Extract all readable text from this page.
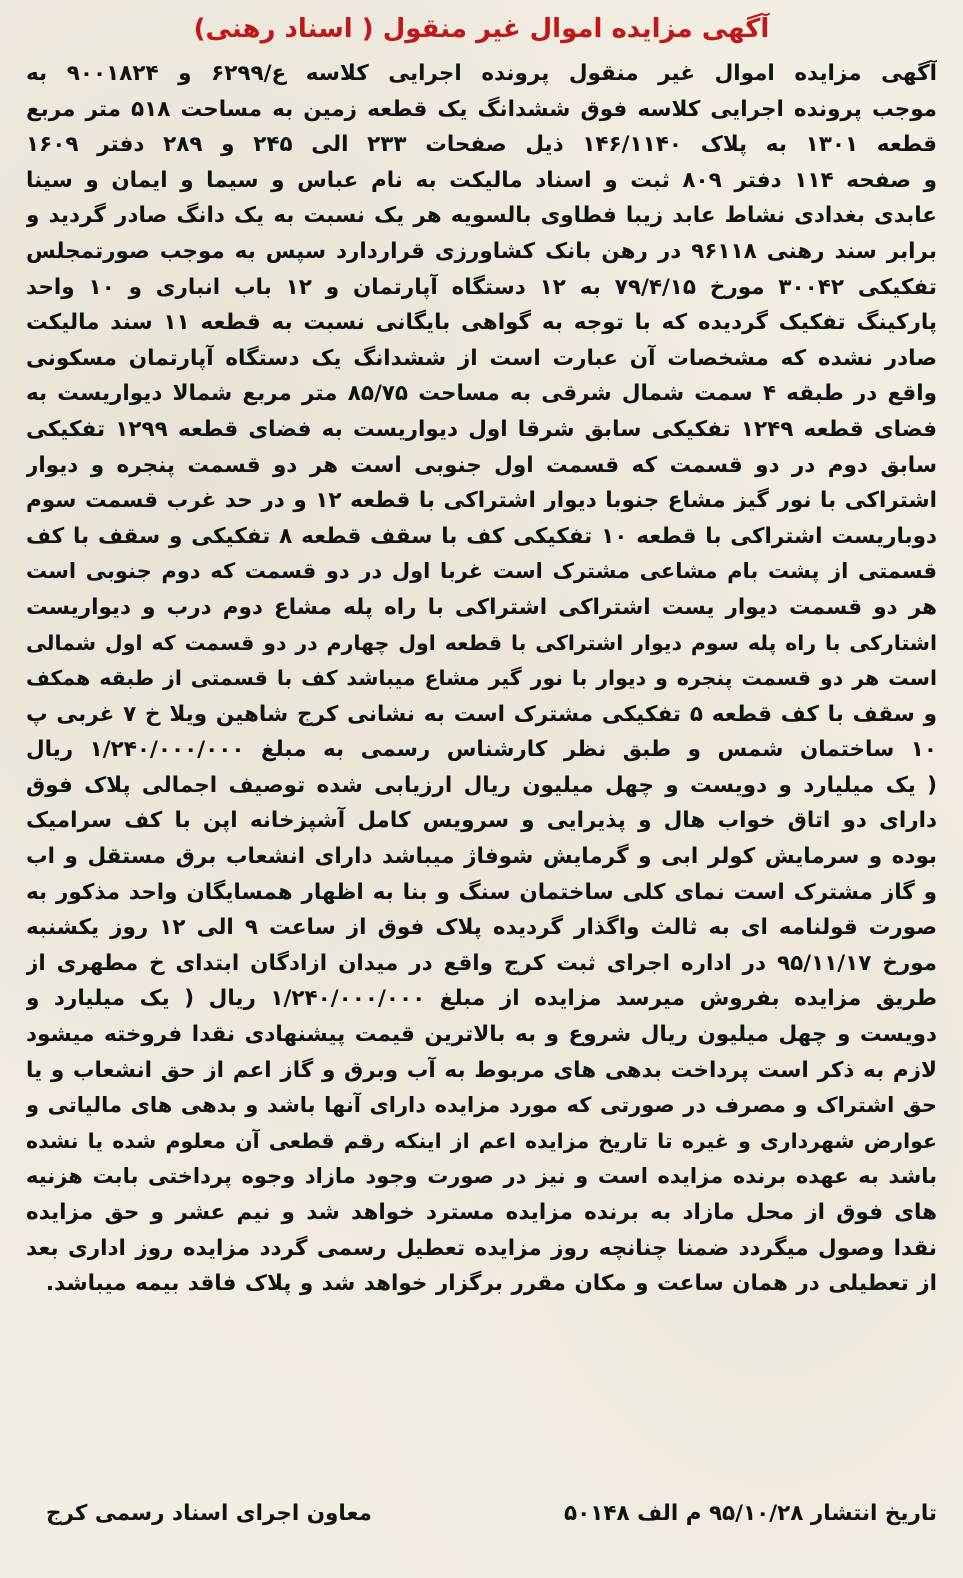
آگهی مزایده اموال غیر منقول ( اسناد رهنی)
آگهی مزایده اموال غیر منقول پرونده اجرایی کلاسه ع/۶۲۹۹ و ۹۰۰۱۸۲۴ به
موجب پرونده اجرایی کلاسه فوق ششدانگ یک قطعه زمین به مساحت ۵۱۸ متر مربع
قطعه ۱۳۰۱ به پلاک ۱۴۶/۱۱۴۰ ذیل صفحات ۲۳۳ الی ۲۴۵ و ۲۸۹ دفتر ۱۶۰۹
و صفحه ۱۱۴ دفتر ۸۰۹ ثبت و اسناد مالیکت به نام عباس و سیما و ایمان و سینا
عابدی بغدادی نشاط عابد زیبا فطاوی بالسویه هر یک نسبت به یک دانگ صادر گردید و
برابر سند رهنی ۹۶۱۱۸ در رهن بانک کشاورزی قراردارد سپس به موجب صورتمجلس
تفکیکی ۳۰۰۴۲ مورخ ۷۹/۴/۱۵ به ۱۲ دستگاه آپارتمان و ۱۲ باب انباری و ۱۰ واحد
پارکینگ تفکیک گردیده که با توجه به گواهی بایگانی نسبت به قطعه ۱۱ سند مالیکت
صادر نشده که مشخصات آن عبارت است از ششدانگ یک دستگاه آپارتمان مسکونی
واقع در طبقه ۴ سمت شمال شرقی به مساحت ۸۵/۷۵ متر مربع شمالا دیواریست به
فضای قطعه ۱۲۴۹ تفکیکی سابق شرقا اول دیواریست به فضای قطعه ۱۲۹۹ تفکیکی
سابق دوم در دو قسمت که قسمت اول جنوبی است هر دو قسمت پنجره و دیوار
اشتراکی با نور گیز مشاع جنوبا دیوار اشتراکی با قطعه ۱۲ و در حد غرب قسمت سوم
دوباریست اشتراکی با قطعه ۱۰ تفکیکی کف با سقف قطعه ۸ تفکیکی و سقف با کف
قسمتی از پشت بام مشاعی مشترک است غربا اول در دو قسمت که دوم جنوبی است
هر دو قسمت دیوار یست اشتراکی اشتراکی با راه پله مشاع دوم درب و دیواریست
اشتارکی با راه پله سوم دیوار اشتراکی با قطعه اول چهارم در دو قسمت که اول شمالی
است هر دو قسمت پنجره و دیوار با نور گیر مشاع میباشد کف با قسمتی از طبقه همکف
و سقف با کف قطعه ۵ تفکیکی مشترک است به نشانی کرج شاهین ویلا خ ۷ غربی پ
۱۰ ساختمان شمس و طبق نظر کارشناس رسمی به مبلغ ۱/۲۴۰/۰۰۰/۰۰۰ ریال
( یک میلیارد و دویست و چهل میلیون ریال ارزیابی شده توصیف اجمالی پلاک فوق
دارای دو اتاق خواب هال و پذیرایی و سرویس کامل آشپزخانه اپن با کف سرامیک
بوده و سرمایش کولر ابی و گرمایش شوفاژ میباشد دارای انشعاب برق مستقل و اب
و گاز مشترک است نمای کلی ساختمان سنگ و بنا به اظهار همسایگان واحد مذکور به
صورت قولنامه ای به ثالث واگذار گردیده پلاک فوق از ساعت ۹ الی ۱۲ روز یکشنبه
مورخ ۹۵/۱۱/۱۷ در اداره اجرای ثبت کرج واقع در میدان ازادگان ابتدای خ مطهری از
طریق مزایده بفروش میرسد مزایده از مبلغ ۱/۲۴۰/۰۰۰/۰۰۰ ریال ( یک میلیارد و
دویست و چهل میلیون ریال شروع و به بالاترین قیمت پیشنهادی نقدا فروخته میشود
لازم به ذکر است پرداخت بدهی های مربوط به آب وبرق و گاز اعم از حق انشعاب و یا
حق اشتراک و مصرف در صورتی که مورد مزایده دارای آنها باشد و بدهی های مالیاتی و
عوارض شهرداری و غیره تا تاریخ مزایده اعم از اینکه رقم قطعی آن معلوم شده یا نشده
باشد به عهده برنده مزایده است و نیز در صورت وجود مازاد وجوه پرداختی بابت هزنیه
های فوق از محل مازاد به برنده مزایده مسترد خواهد شد و نیم عشر و حق مزایده
نقدا وصول میگردد ضمنا چنانچه روز مزایده تعطیل رسمی گردد مزایده روز اداری بعد
از تعطیلی در همان ساعت و مکان مقرر برگزار خواهد شد و پلاک فاقد بیمه میباشد.
تاریخ انتشار ۹۵/۱۰/۲۸ م الف ۵۰۱۴۸
معاون اجرای اسناد رسمی کرج
